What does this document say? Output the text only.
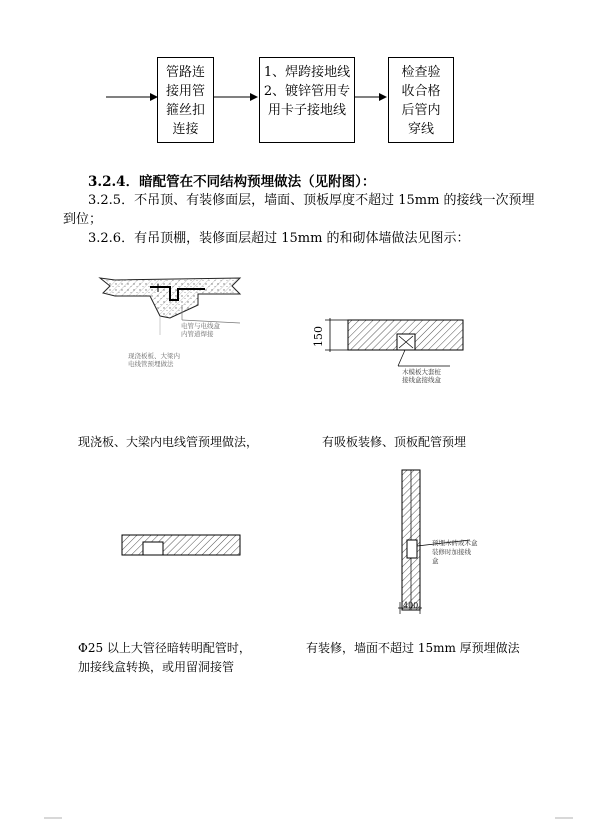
管路连
接用管
箍丝扣
连接
1、焊跨接地线
2、镀锌管用专
用卡子接地线
检查验
收合格
后管内
穿线
3.2.4．暗配管在不同结构预埋做法（见附图）：
3.2.5．不吊顶、有装修面层，墙面、顶板厚度不超过 15mm 的接线一次预埋
到位；
3.2.6．有吊顶棚，装修面层超过 15mm 的和砌体墙做法见图示：
电管与电线盒
内管道焊接
现浇板板、大梁内
电线管预埋做法
150
木模板大套桩
接线盒接线盒
现浇板、大梁内电线管预埋做法，	有吸板装修、顶板配管预埋
预埋木砖或木盒
装修时加接线
盒
400
Φ25 以上大管径暗转明配管时，
加接线盒转换，或用留洞接管
有装修，墙面不超过 15mm 厚预埋做法
